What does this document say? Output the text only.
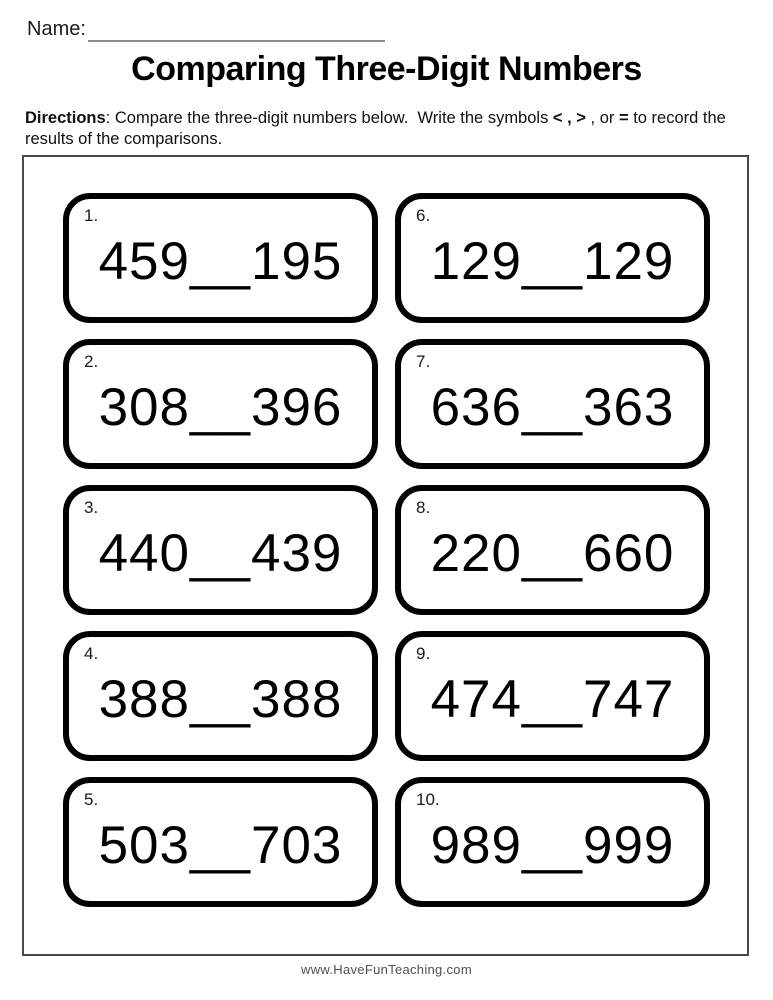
Name:
Comparing Three-Digit Numbers

Directions: Compare the three-digit numbers below.  Write the symbols < , > , or = to record the results of the comparisons.

1.
459__195
2.
308__396
3.
440__439
4.
388__388
5.
503__703
6.
129__129
7.
636__363
8.
220__660
9.
474__747
10.
989__999
www.HaveFunTeaching.com
